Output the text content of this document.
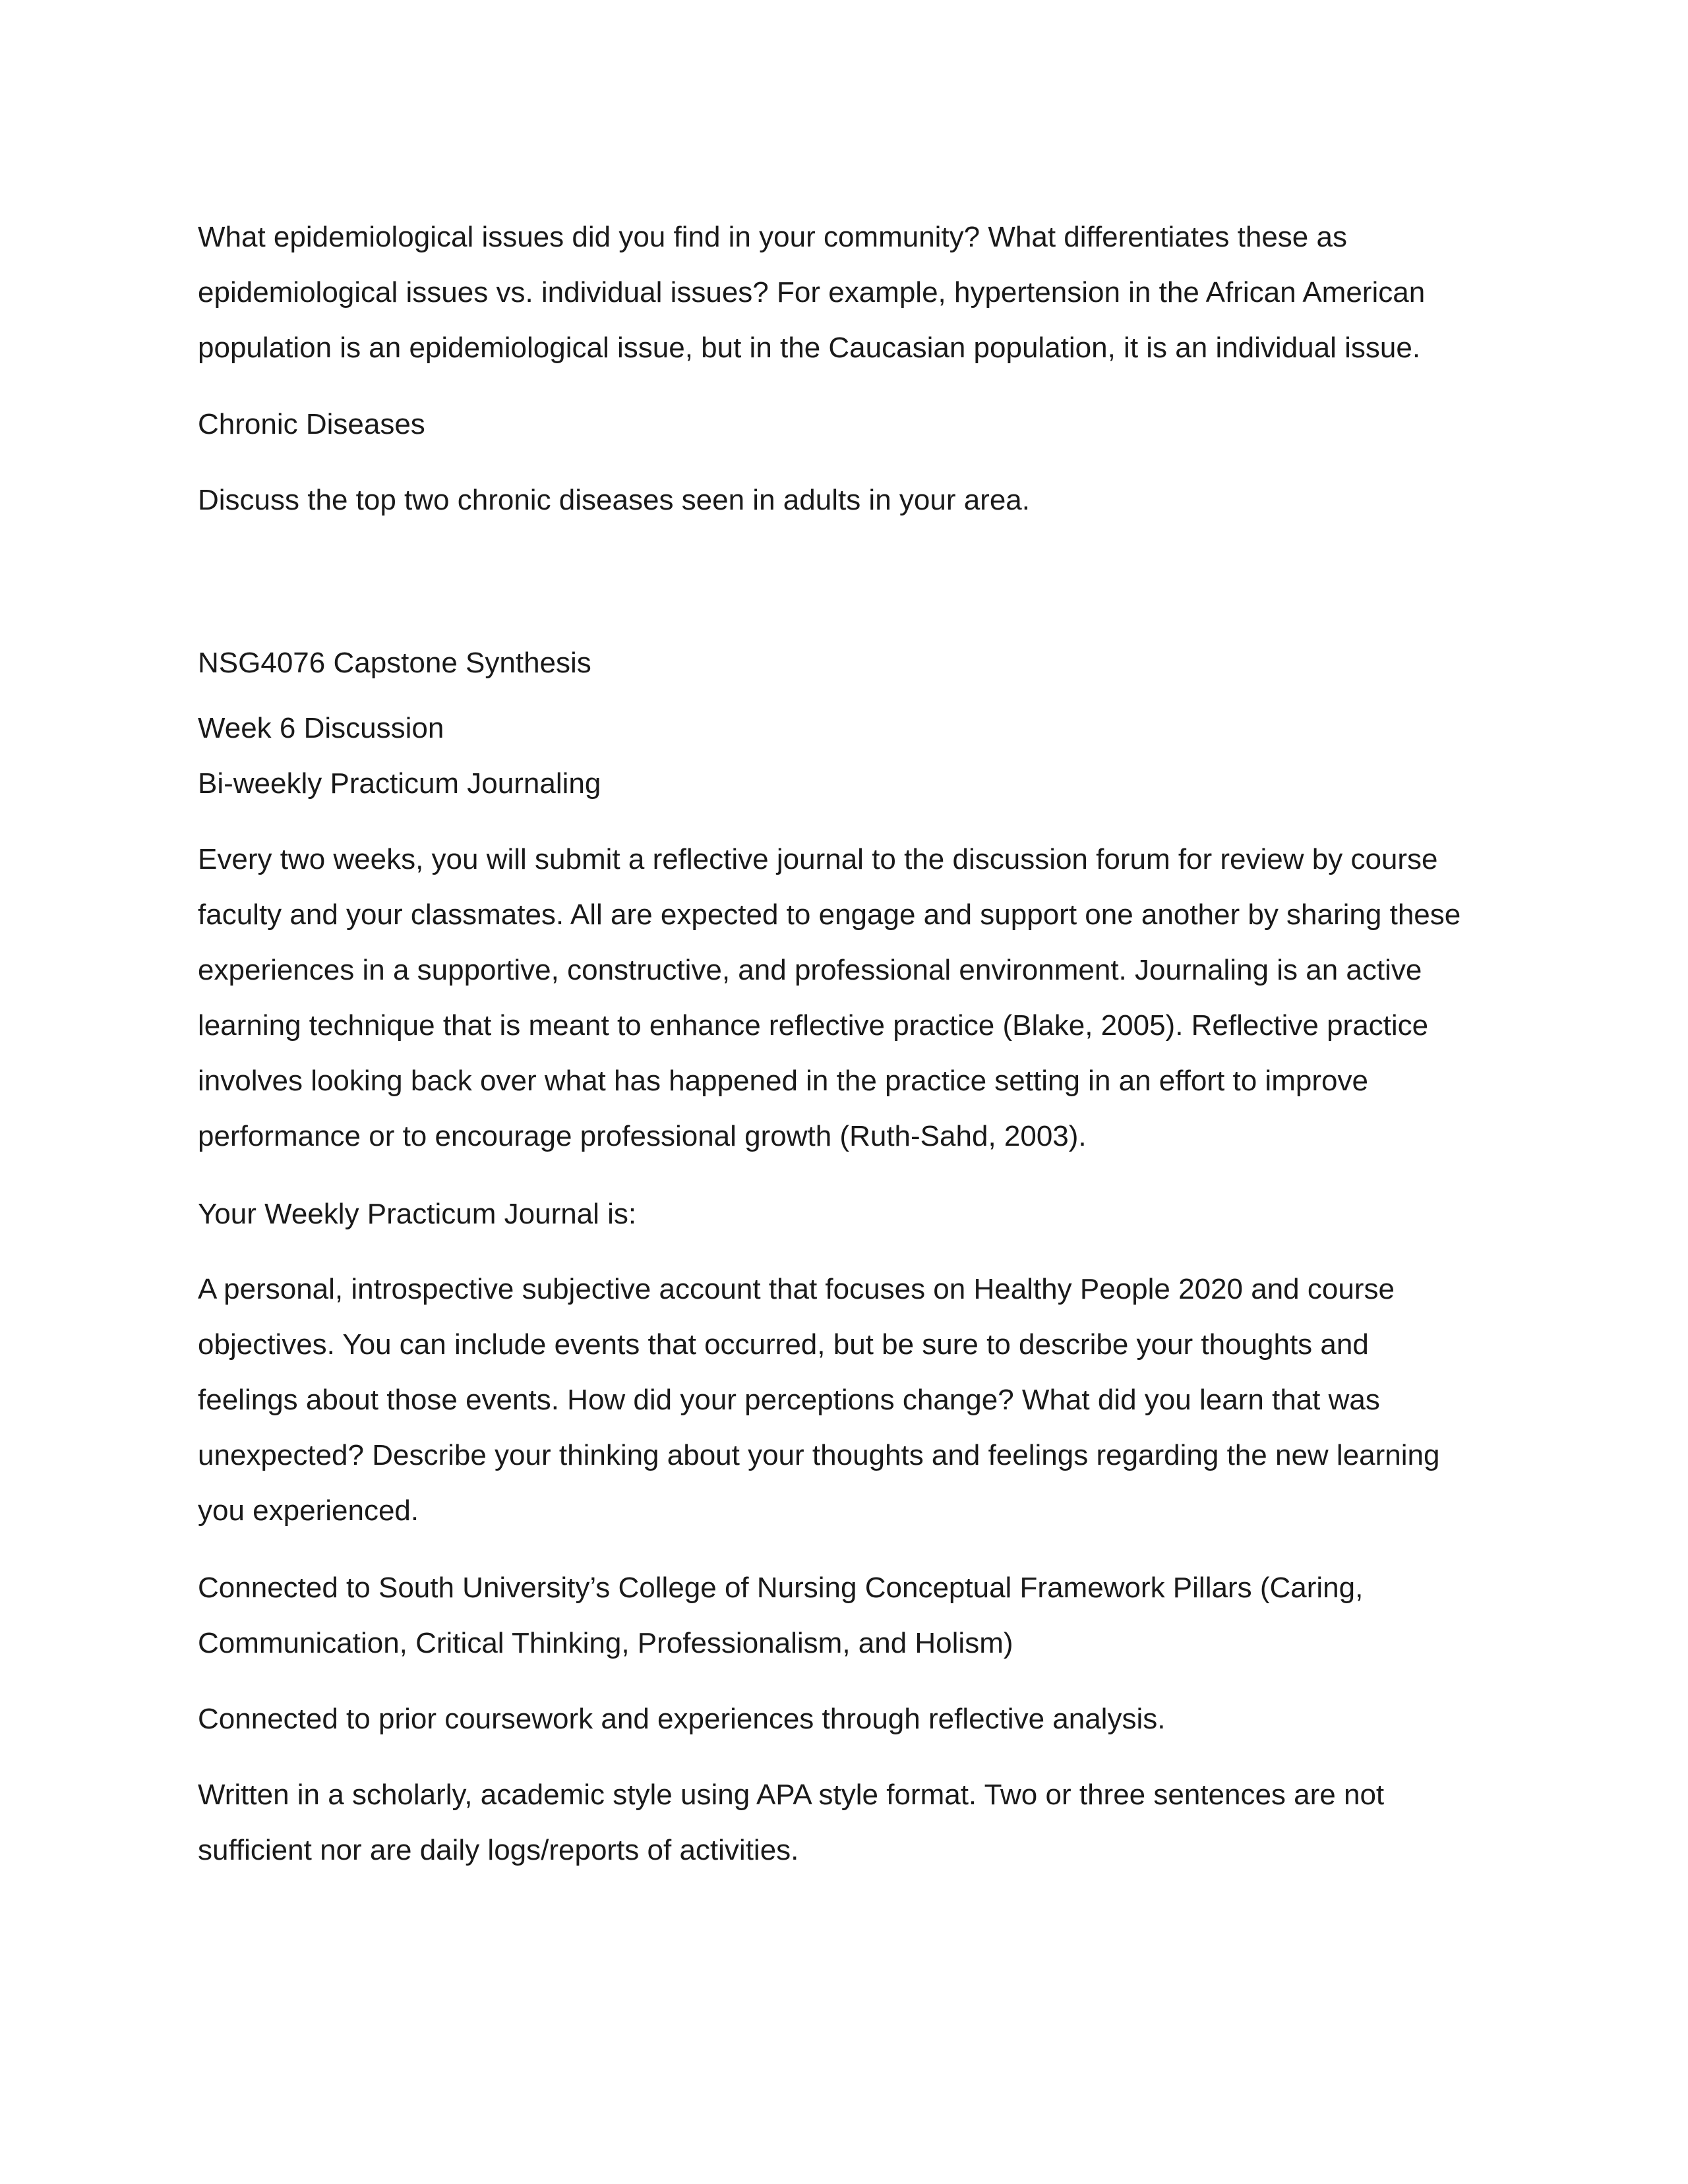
What epidemiological issues did you find in your community? What differentiates these as
epidemiological issues vs. individual issues? For example, hypertension in the African American
population is an epidemiological issue, but in the Caucasian population, it is an individual issue.

Chronic Diseases

Discuss the top two chronic diseases seen in adults in your area.

NSG4076 Capstone Synthesis

Week 6 Discussion

Bi-weekly Practicum Journaling

Every two weeks, you will submit a reflective journal to the discussion forum for review by course
faculty and your classmates. All are expected to engage and support one another by sharing these
experiences in a supportive, constructive, and professional environment. Journaling is an active
learning technique that is meant to enhance reflective practice (Blake, 2005). Reflective practice
involves looking back over what has happened in the practice setting in an effort to improve
performance or to encourage professional growth (Ruth-Sahd, 2003).

Your Weekly Practicum Journal is:

A personal, introspective subjective account that focuses on Healthy People 2020 and course
objectives. You can include events that occurred, but be sure to describe your thoughts and
feelings about those events. How did your perceptions change? What did you learn that was
unexpected? Describe your thinking about your thoughts and feelings regarding the new learning
you experienced.

Connected to South University’s College of Nursing Conceptual Framework Pillars (Caring,
Communication, Critical Thinking, Professionalism, and Holism)

Connected to prior coursework and experiences through reflective analysis.

Written in a scholarly, academic style using APA style format. Two or three sentences are not
sufficient nor are daily logs/reports of activities.
